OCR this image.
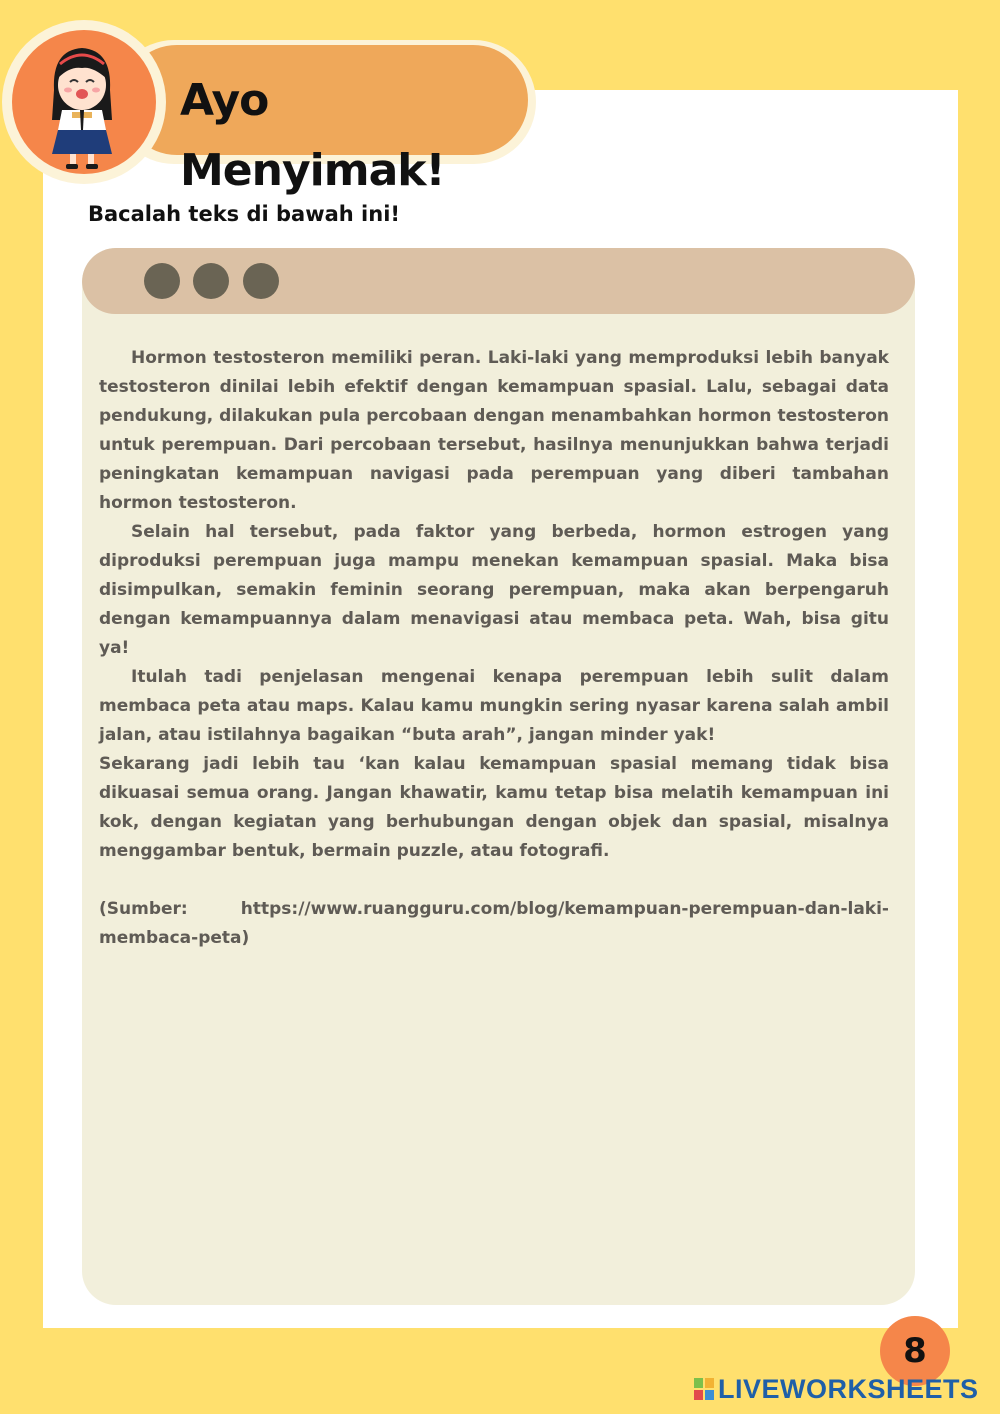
Ayo Menyimak!
Bacalah teks di bawah ini!

Hormon testosteron memiliki peran. Laki-laki yang memproduksi lebih banyak testosteron dinilai lebih efektif dengan kemampuan spasial. Lalu, sebagai data pendukung, dilakukan pula percobaan dengan menambahkan hormon testosteron untuk perempuan. Dari percobaan tersebut, hasilnya menunjukkan bahwa terjadi peningkatan kemampuan navigasi pada perempuan yang diberi tambahan hormon testosteron.

Selain hal tersebut, pada faktor yang berbeda, hormon estrogen yang diproduksi perempuan juga mampu menekan kemampuan spasial. Maka bisa disimpulkan, semakin feminin seorang perempuan, maka akan berpengaruh dengan kemampuannya dalam menavigasi atau membaca peta. Wah, bisa gitu ya!

Itulah tadi penjelasan mengenai kenapa perempuan lebih sulit dalam membaca peta atau maps. Kalau kamu mungkin sering nyasar karena salah ambil jalan, atau istilahnya bagaikan “buta arah”, jangan minder yak!

Sekarang jadi lebih tau ‘kan kalau kemampuan spasial memang tidak bisa dikuasai semua orang. Jangan khawatir, kamu tetap bisa melatih kemampuan ini kok, dengan kegiatan yang berhubungan dengan objek dan spasial, misalnya menggambar bentuk, bermain puzzle, atau fotografi.

(Sumber: https://www.ruangguru.com/blog/kemampuan-perempuan-dan-laki-membaca-peta)

8
LIVEWORKSHEETS
